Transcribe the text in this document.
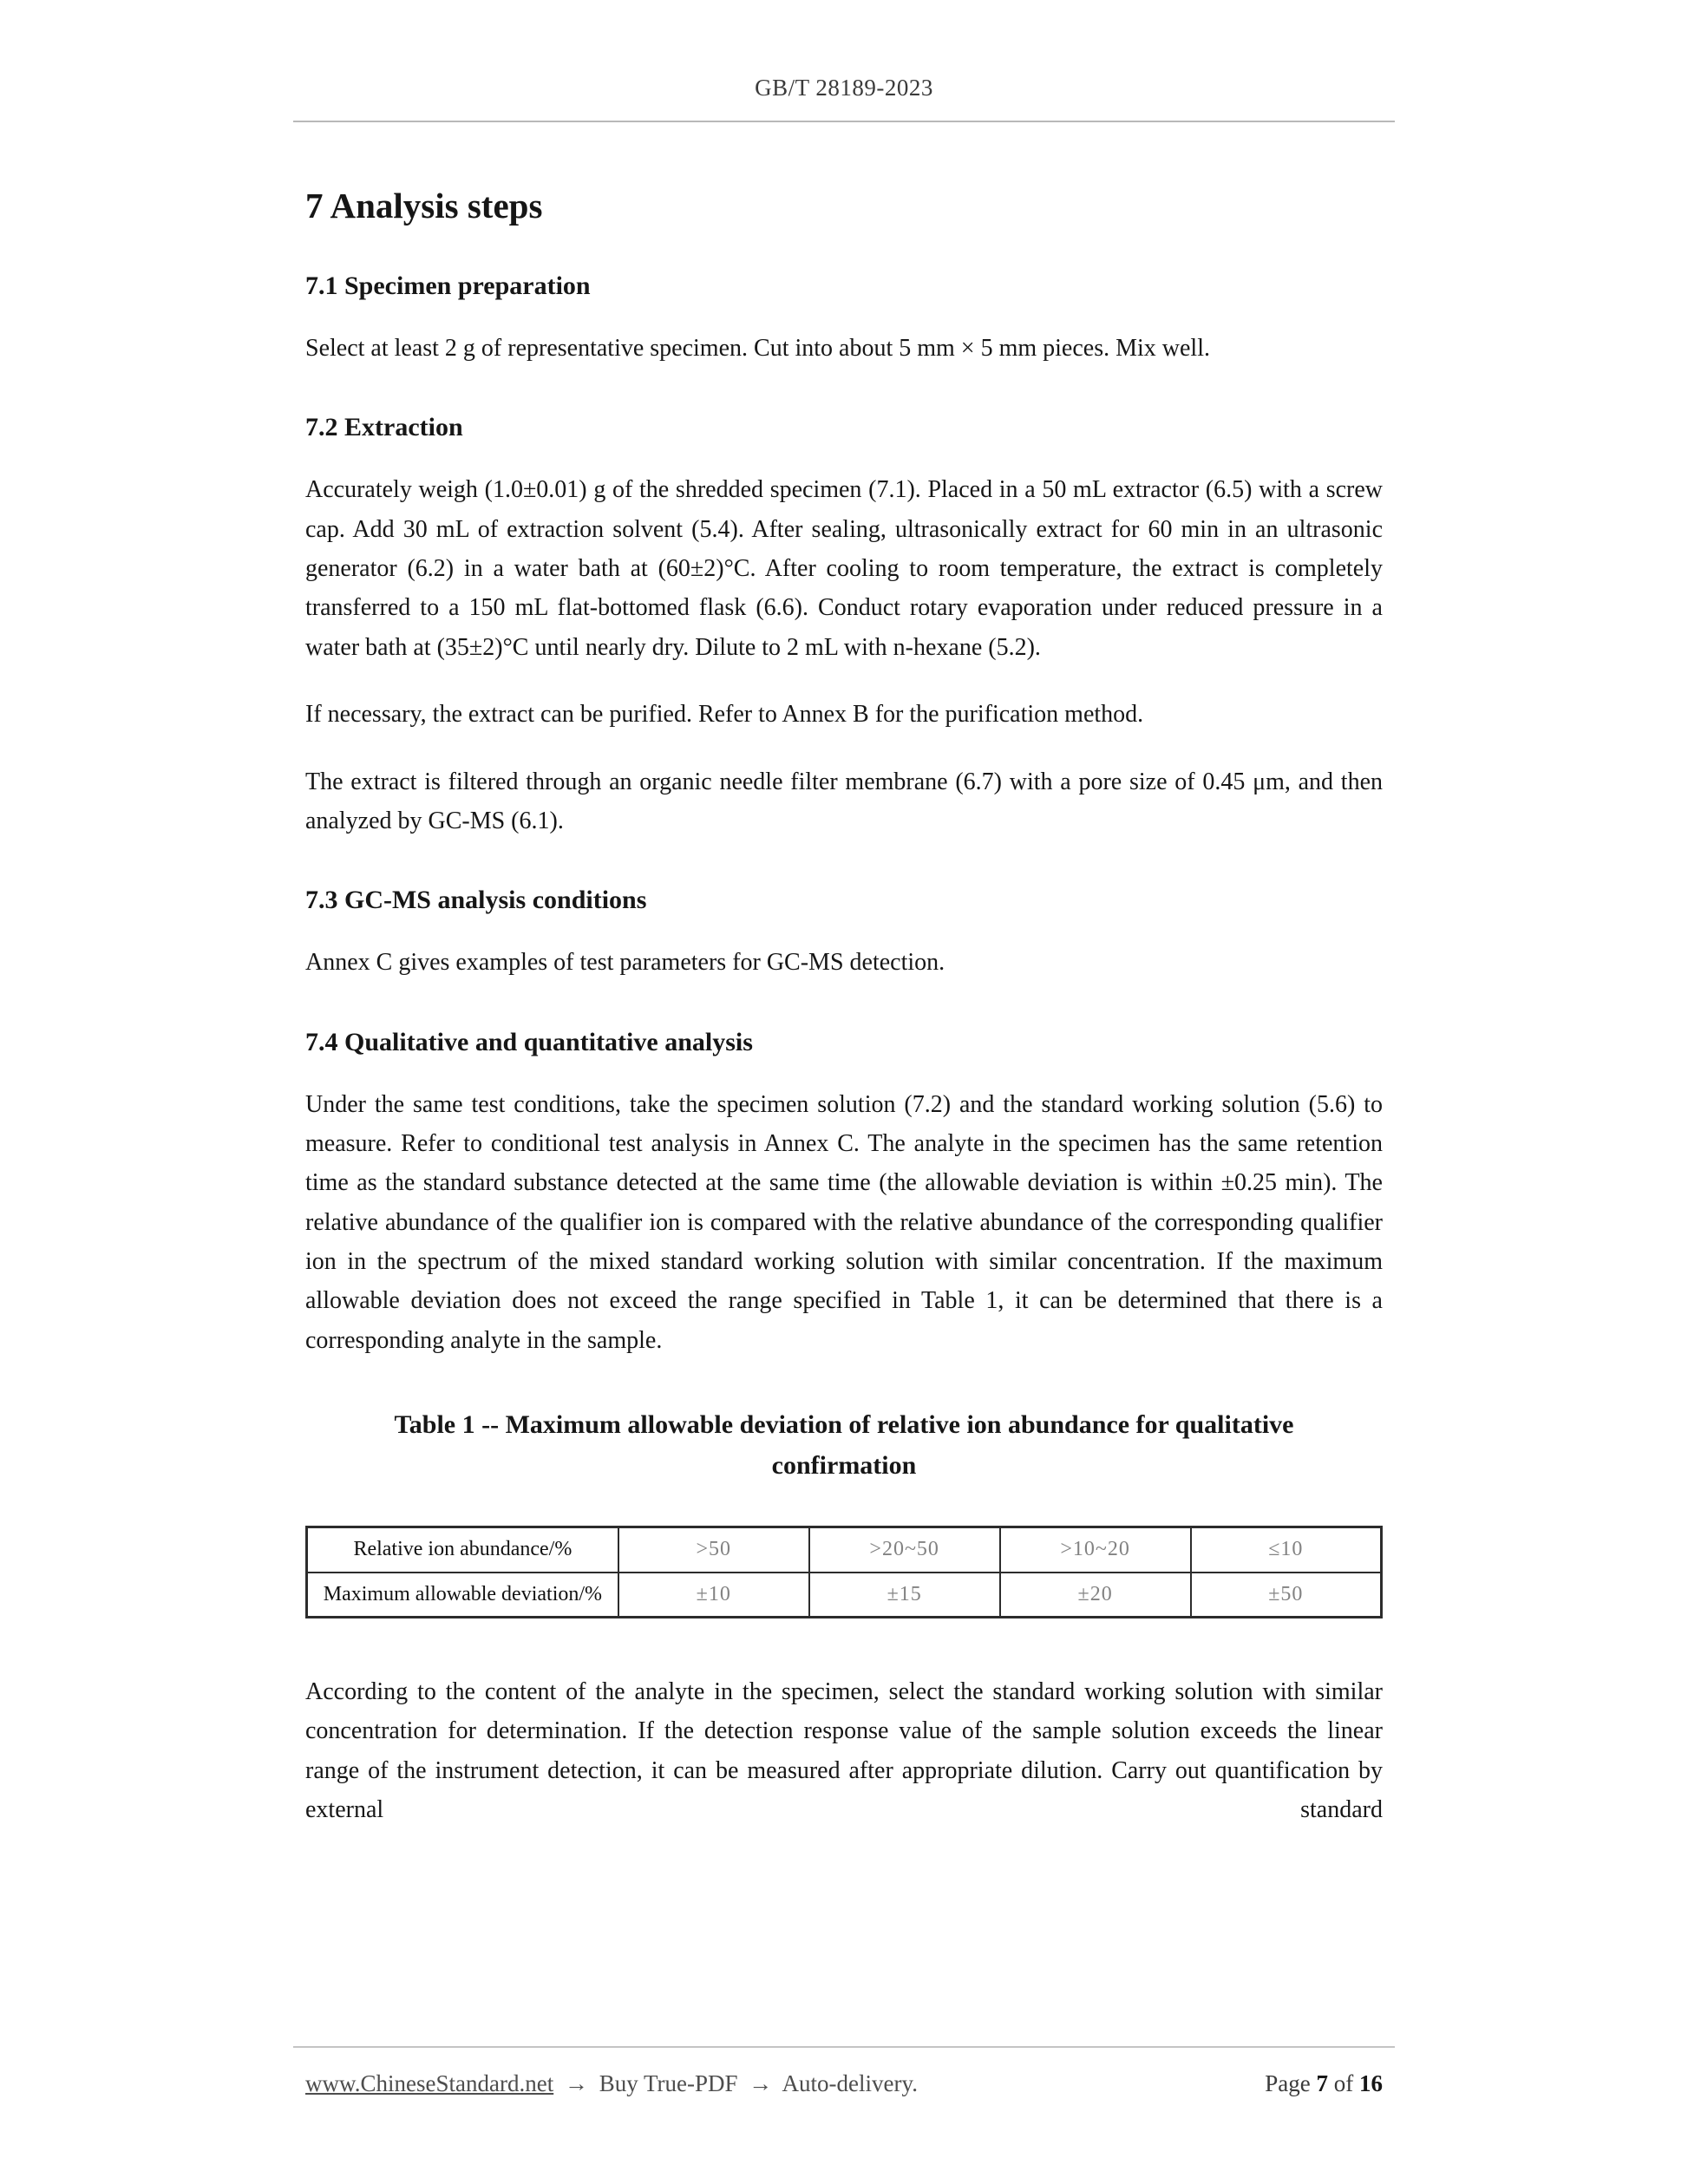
GB/T 28189-2023
7 Analysis steps
7.1 Specimen preparation

Select at least 2 g of representative specimen. Cut into about 5 mm × 5 mm pieces. Mix well.

7.2 Extraction

Accurately weigh (1.0±0.01) g of the shredded specimen (7.1). Placed in a 50 mL extractor (6.5) with a screw cap. Add 30 mL of extraction solvent (5.4). After sealing, ultrasonically extract for 60 min in an ultrasonic generator (6.2) in a water bath at (60±2)°C. After cooling to room temperature, the extract is completely transferred to a 150 mL flat-bottomed flask (6.6). Conduct rotary evaporation under reduced pressure in a water bath at (35±2)°C until nearly dry. Dilute to 2 mL with n-hexane (5.2).

If necessary, the extract can be purified. Refer to Annex B for the purification method.

The extract is filtered through an organic needle filter membrane (6.7) with a pore size of 0.45 μm, and then analyzed by GC-MS (6.1).

7.3 GC-MS analysis conditions

Annex C gives examples of test parameters for GC-MS detection.

7.4 Qualitative and quantitative analysis

Under the same test conditions, take the specimen solution (7.2) and the standard working solution (5.6) to measure. Refer to conditional test analysis in Annex C. The analyte in the specimen has the same retention time as the standard substance detected at the same time (the allowable deviation is within ±0.25 min). The relative abundance of the qualifier ion is compared with the relative abundance of the corresponding qualifier ion in the spectrum of the mixed standard working solution with similar concentration. If the maximum allowable deviation does not exceed the range specified in Table 1, it can be determined that there is a corresponding analyte in the sample.

Table 1 -- Maximum allowable deviation of relative ion abundance for qualitative confirmation
Relative ion abundance/%	>50	>20~50	>10~20	≤10
Maximum allowable deviation/%	±10	±15	±20	±50

According to the content of the analyte in the specimen, select the standard working solution with similar concentration for determination. If the detection response value of the sample solution exceeds the linear range of the instrument detection, it can be measured after appropriate dilution. Carry out quantification by external standard

www.ChineseStandard.net → Buy True-PDF → Auto-delivery.	Page 7 of 16
